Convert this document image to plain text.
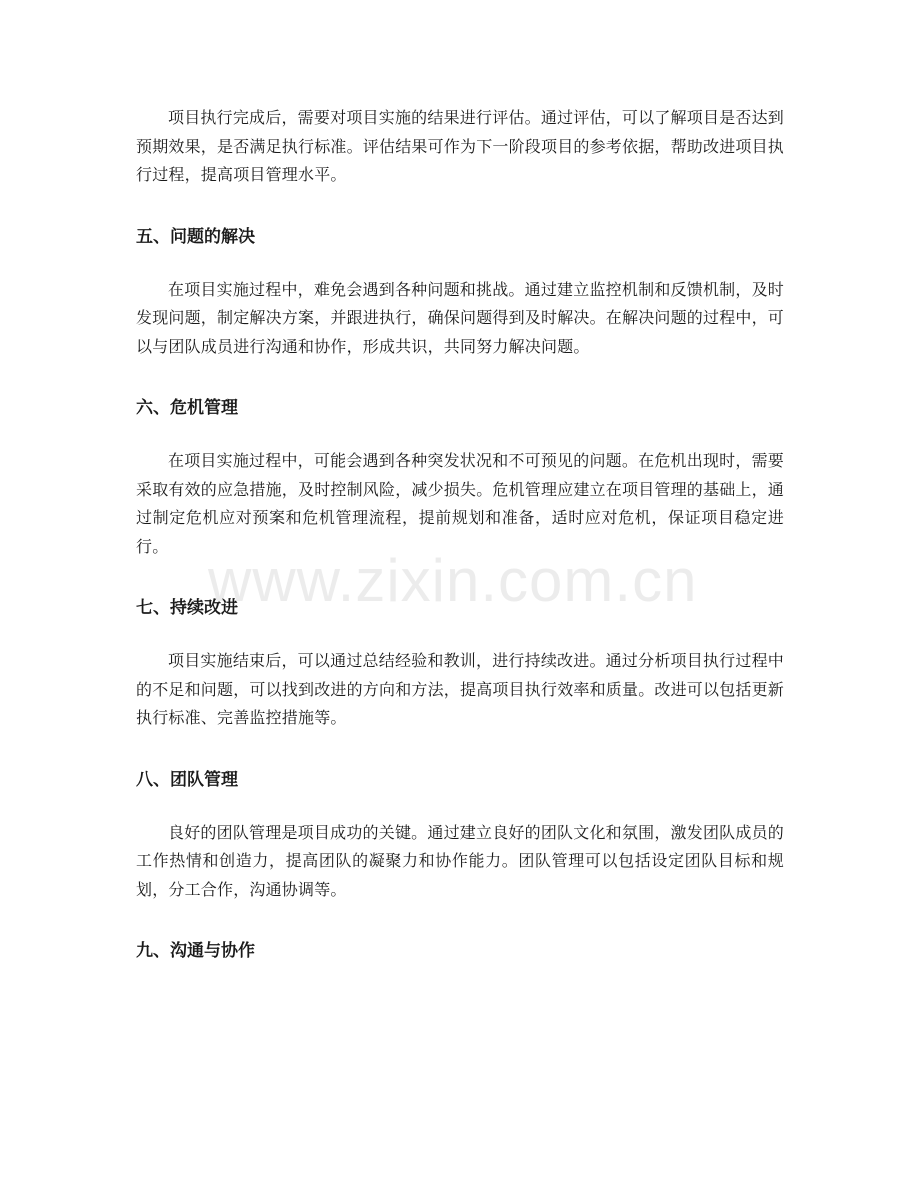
项目执行完成后，需要对项目实施的结果进行评估。通过评估，可以了解项目是否达到预期效果，是否满足执行标准。评估结果可作为下一阶段项目的参考依据，帮助改进项目执行过程，提高项目管理水平。

五、问题的解决

在项目实施过程中，难免会遇到各种问题和挑战。通过建立监控机制和反馈机制，及时发现问题，制定解决方案，并跟进执行，确保问题得到及时解决。在解决问题的过程中，可以与团队成员进行沟通和协作，形成共识，共同努力解决问题。

六、危机管理

在项目实施过程中，可能会遇到各种突发状况和不可预见的问题。在危机出现时，需要采取有效的应急措施，及时控制风险，减少损失。危机管理应建立在项目管理的基础上，通过制定危机应对预案和危机管理流程，提前规划和准备，适时应对危机，保证项目稳定进行。

七、持续改进

项目实施结束后，可以通过总结经验和教训，进行持续改进。通过分析项目执行过程中的不足和问题，可以找到改进的方向和方法，提高项目执行效率和质量。改进可以包括更新执行标准、完善监控措施等。

八、团队管理

良好的团队管理是项目成功的关键。通过建立良好的团队文化和氛围，激发团队成员的工作热情和创造力，提高团队的凝聚力和协作能力。团队管理可以包括设定团队目标和规划，分工合作，沟通协调等。

九、沟通与协作
www.zixin.com.cn
